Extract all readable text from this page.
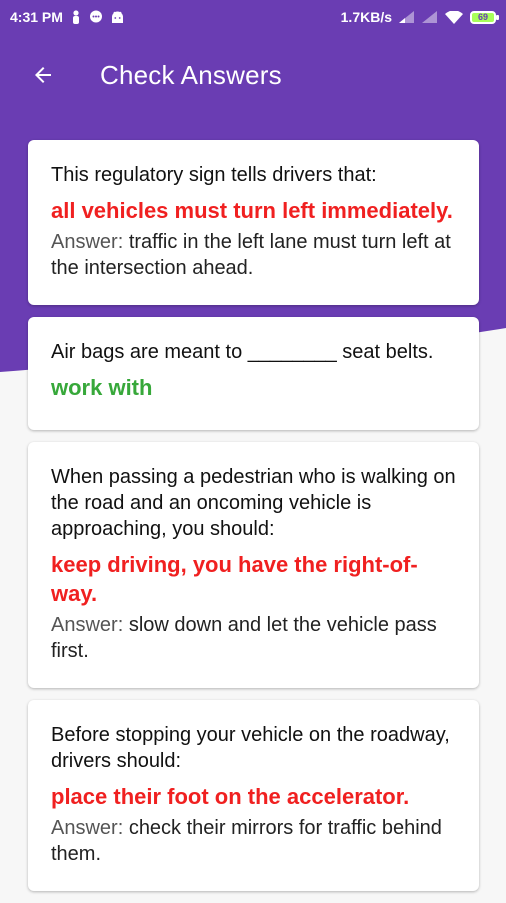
4:31 PM	1.7KB/s	69
Check Answers
This regulatory sign tells drivers that:
all vehicles must turn left immediately.
Answer: traffic in the left lane must turn left at the intersection ahead.
Air bags are meant to ________ seat belts.
work with
When passing a pedestrian who is walking on the road and an oncoming vehicle is approaching, you should:
keep driving, you have the right-of-way.
Answer: slow down and let the vehicle pass first.
Before stopping your vehicle on the roadway, drivers should:
place their foot on the accelerator.
Answer: check their mirrors for traffic behind them.
